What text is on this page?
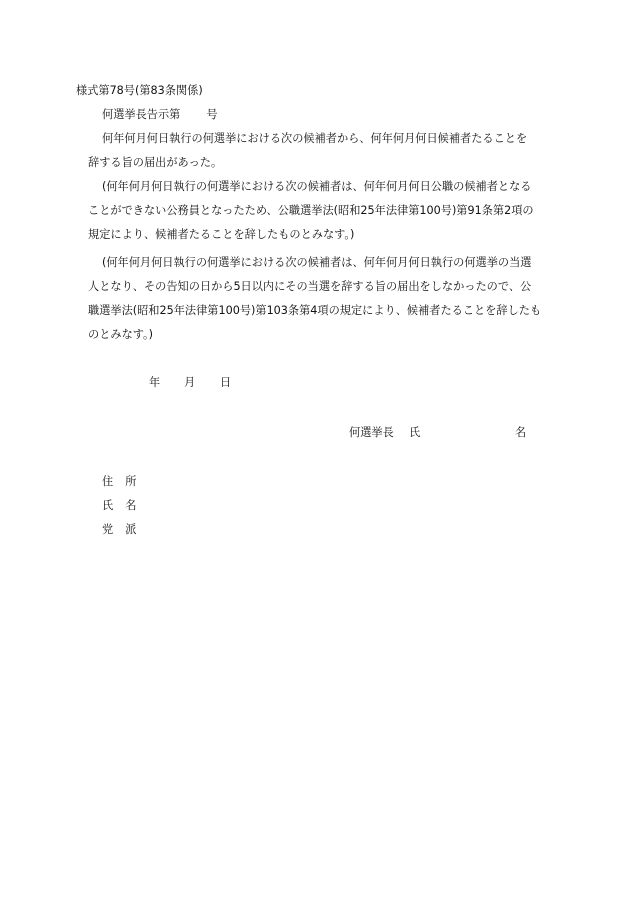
様式第78号(第83条関係)
何選挙長告示第 号
何年何月何日執行の何選挙における次の候補者から、何年何月何日候補者たることを
辞する旨の届出があった。
(何年何月何日執行の何選挙における次の候補者は、何年何月何日公職の候補者となる
ことができない公務員となったため、公職選挙法(昭和25年法律第100号)第91条第2項の
規定により、候補者たることを辞したものとみなす。)
(何年何月何日執行の何選挙における次の候補者は、何年何月何日執行の何選挙の当選
人となり、その告知の日から5日以内にその当選を辞する旨の届出をしなかったので、公
職選挙法(昭和25年法律第100号)第103条第4項の規定により、候補者たることを辞したも
のとみなす。)
年 月 日
何選挙長 氏	名
住 所
氏 名
党 派
